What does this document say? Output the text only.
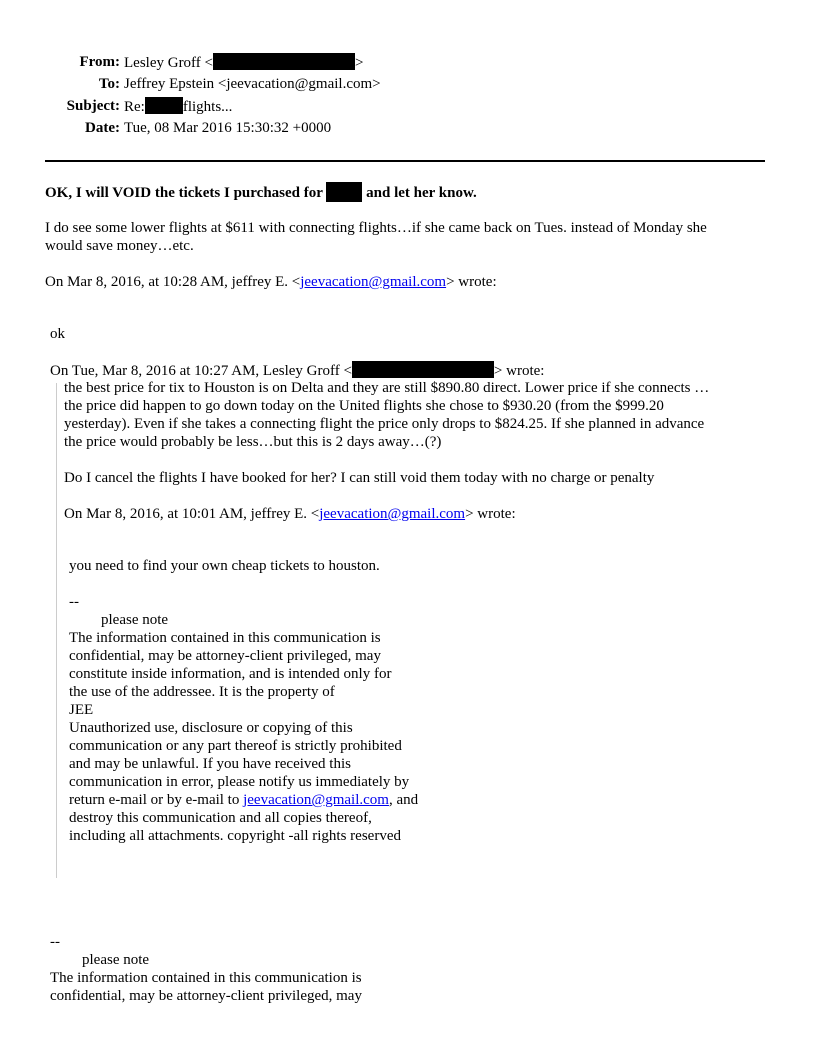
From: Lesley Groff <	>
To: Jeffrey Epstein <jeevacation@gmail.com>
Subject: Re:	flights...
Date: Tue, 08 Mar 2016 15:30:32 +0000
OK, I will VOID the tickets I purchased for	and let her know.
I do see some lower flights at $611 with connecting flights…if she came back on Tues. instead of Monday she
would save money…etc.
On Mar 8, 2016, at 10:28 AM, jeffrey E. <jeevacation@gmail.com> wrote:
ok
On Tue, Mar 8, 2016 at 10:27 AM, Lesley Groff <	> wrote:
the best price for tix to Houston is on Delta and they are still $890.80 direct. Lower price if she connects …
the price did happen to go down today on the United flights she chose to $930.20 (from the $999.20
yesterday). Even if she takes a connecting flight the price only drops to $824.25. If she planned in advance
the price would probably be less…but this is 2 days away…(?)
Do I cancel the flights I have booked for her? I can still void them today with no charge or penalty
On Mar 8, 2016, at 10:01 AM, jeffrey E. <jeevacation@gmail.com> wrote:
you need to find your own cheap tickets to houston.
--
please note
The information contained in this communication is
confidential, may be attorney-client privileged, may
constitute inside information, and is intended only for
the use of the addressee. It is the property of
JEE
Unauthorized use, disclosure or copying of this
communication or any part thereof is strictly prohibited
and may be unlawful. If you have received this
communication in error, please notify us immediately by
return e-mail or by e-mail to jeevacation@gmail.com, and
destroy this communication and all copies thereof,
including all attachments. copyright -all rights reserved
--
please note
The information contained in this communication is
confidential, may be attorney-client privileged, may
